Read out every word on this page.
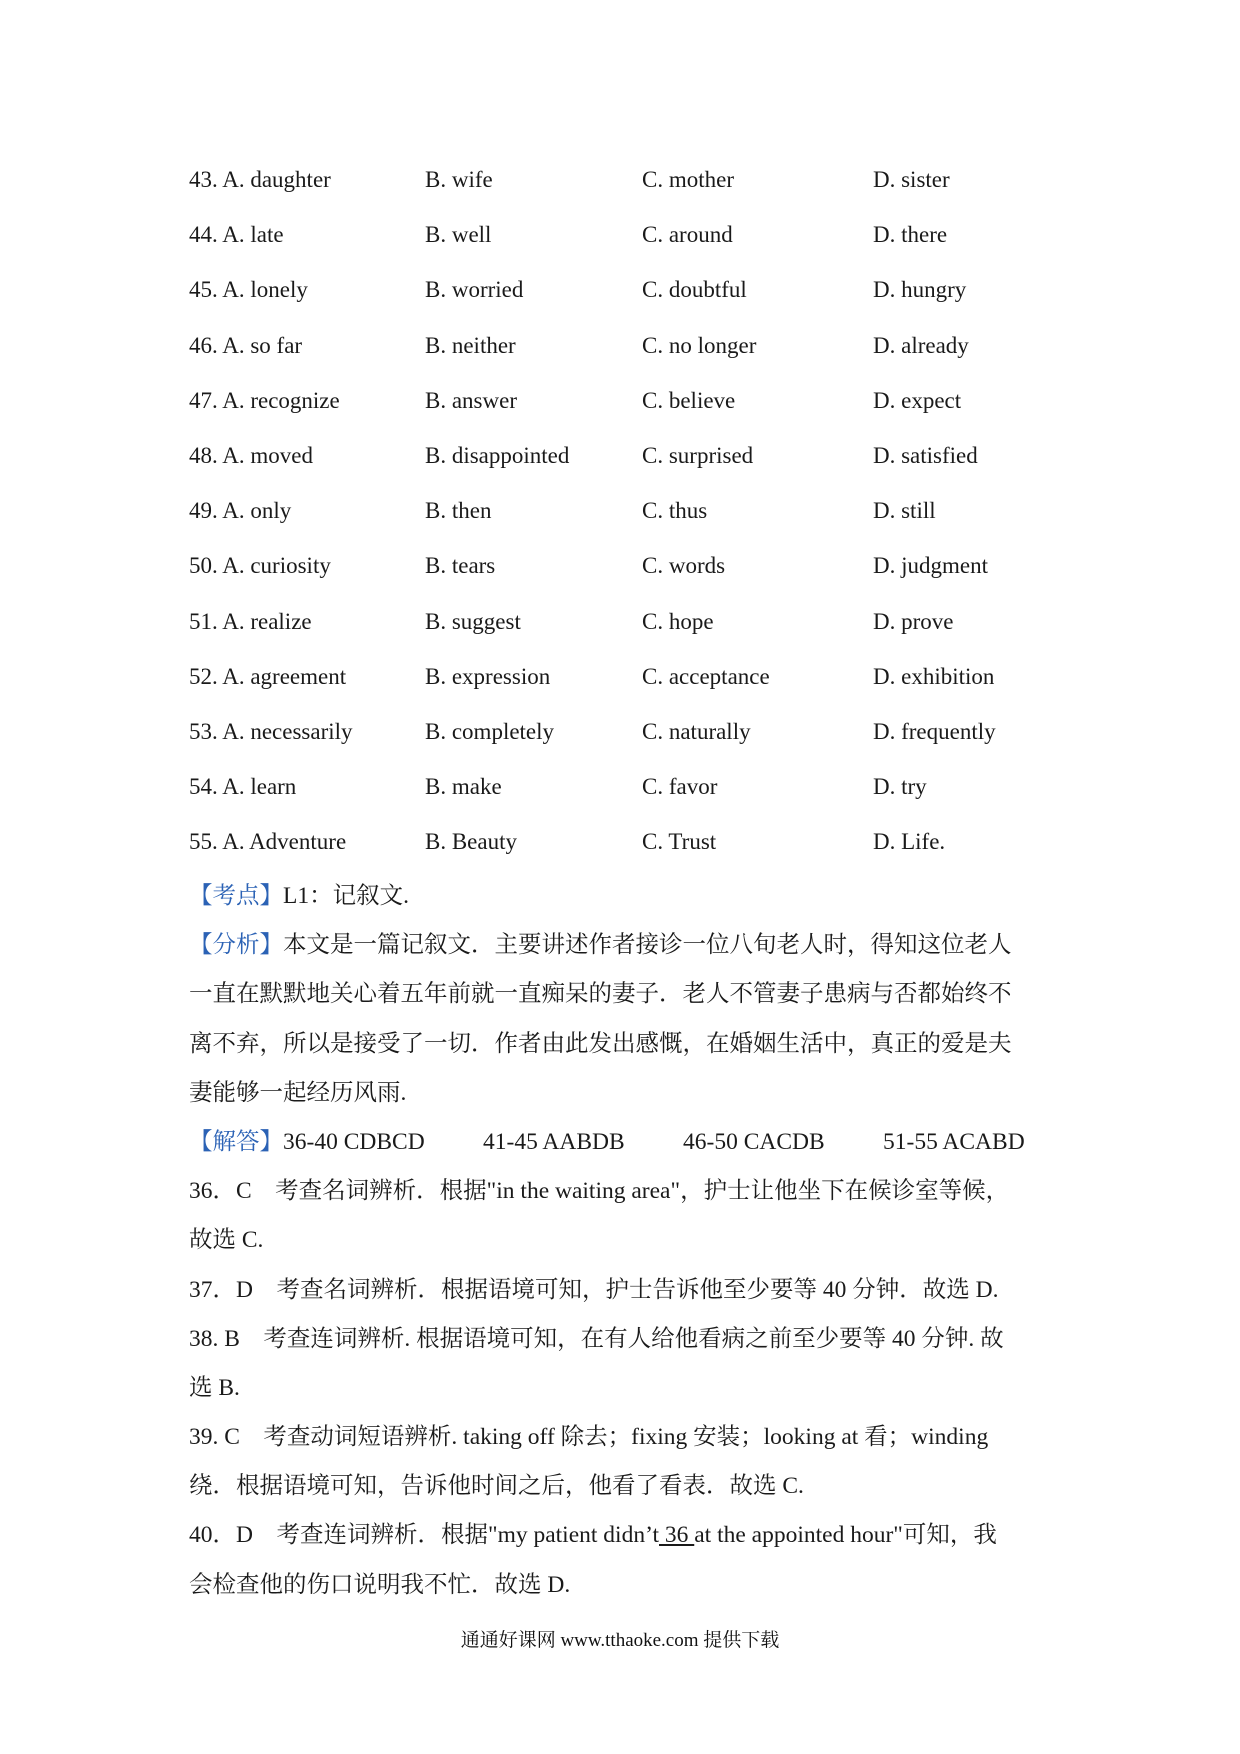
43. A. daughter	B. wife	C. mother	D. sister
44. A. late	B. well	C. around	D. there
45. A. lonely	B. worried	C. doubtful	D. hungry
46. A. so far	B. neither	C. no longer	D. already
47. A. recognize	B. answer	C. believe	D. expect
48. A. moved	B. disappointed	C. surprised	D. satisfied
49. A. only	B. then	C. thus	D. still
50. A. curiosity	B. tears	C. words	D. judgment
51. A. realize	B. suggest	C. hope	D. prove
52. A. agreement	B. expression	C. acceptance	D. exhibition
53. A. necessarily	B. completely	C. naturally	D. frequently
54. A. learn	B. make	C. favor	D. try
55. A. Adventure	B. Beauty	C. Trust	D. Life.
【考点】L1：记叙文.
【分析】本文是一篇记叙文．主要讲述作者接诊一位八旬老人时，得知这位老人
一直在默默地关心着五年前就一直痴呆的妻子．老人不管妻子患病与否都始终不
离不弃，所以是接受了一切．作者由此发出感慨，在婚姻生活中，真正的爱是夫
妻能够一起经历风雨.
【解答】36-40 CDBCD 41-45 AABDB 46-50 CACDB 51-55 ACABD
36．C　考查名词辨析．根据"in the waiting area"，护士让他坐下在候诊室等候，
故选 C.
37．D　考查名词辨析．根据语境可知，护士告诉他至少要等 40 分钟．故选 D.
38. B　考查连词辨析. 根据语境可知，在有人给他看病之前至少要等 40 分钟. 故
选 B.
39. C　考查动词短语辨析. taking off 除去；fixing 安装；looking at 看；winding
绕．根据语境可知，告诉他时间之后，他看了看表．故选 C.
40．D　考查连词辨析．根据"my patient didn’t 36 at the appointed hour"可知，我
会检查他的伤口说明我不忙．故选 D.
通通好课网 www.tthaoke.com 提供下载
